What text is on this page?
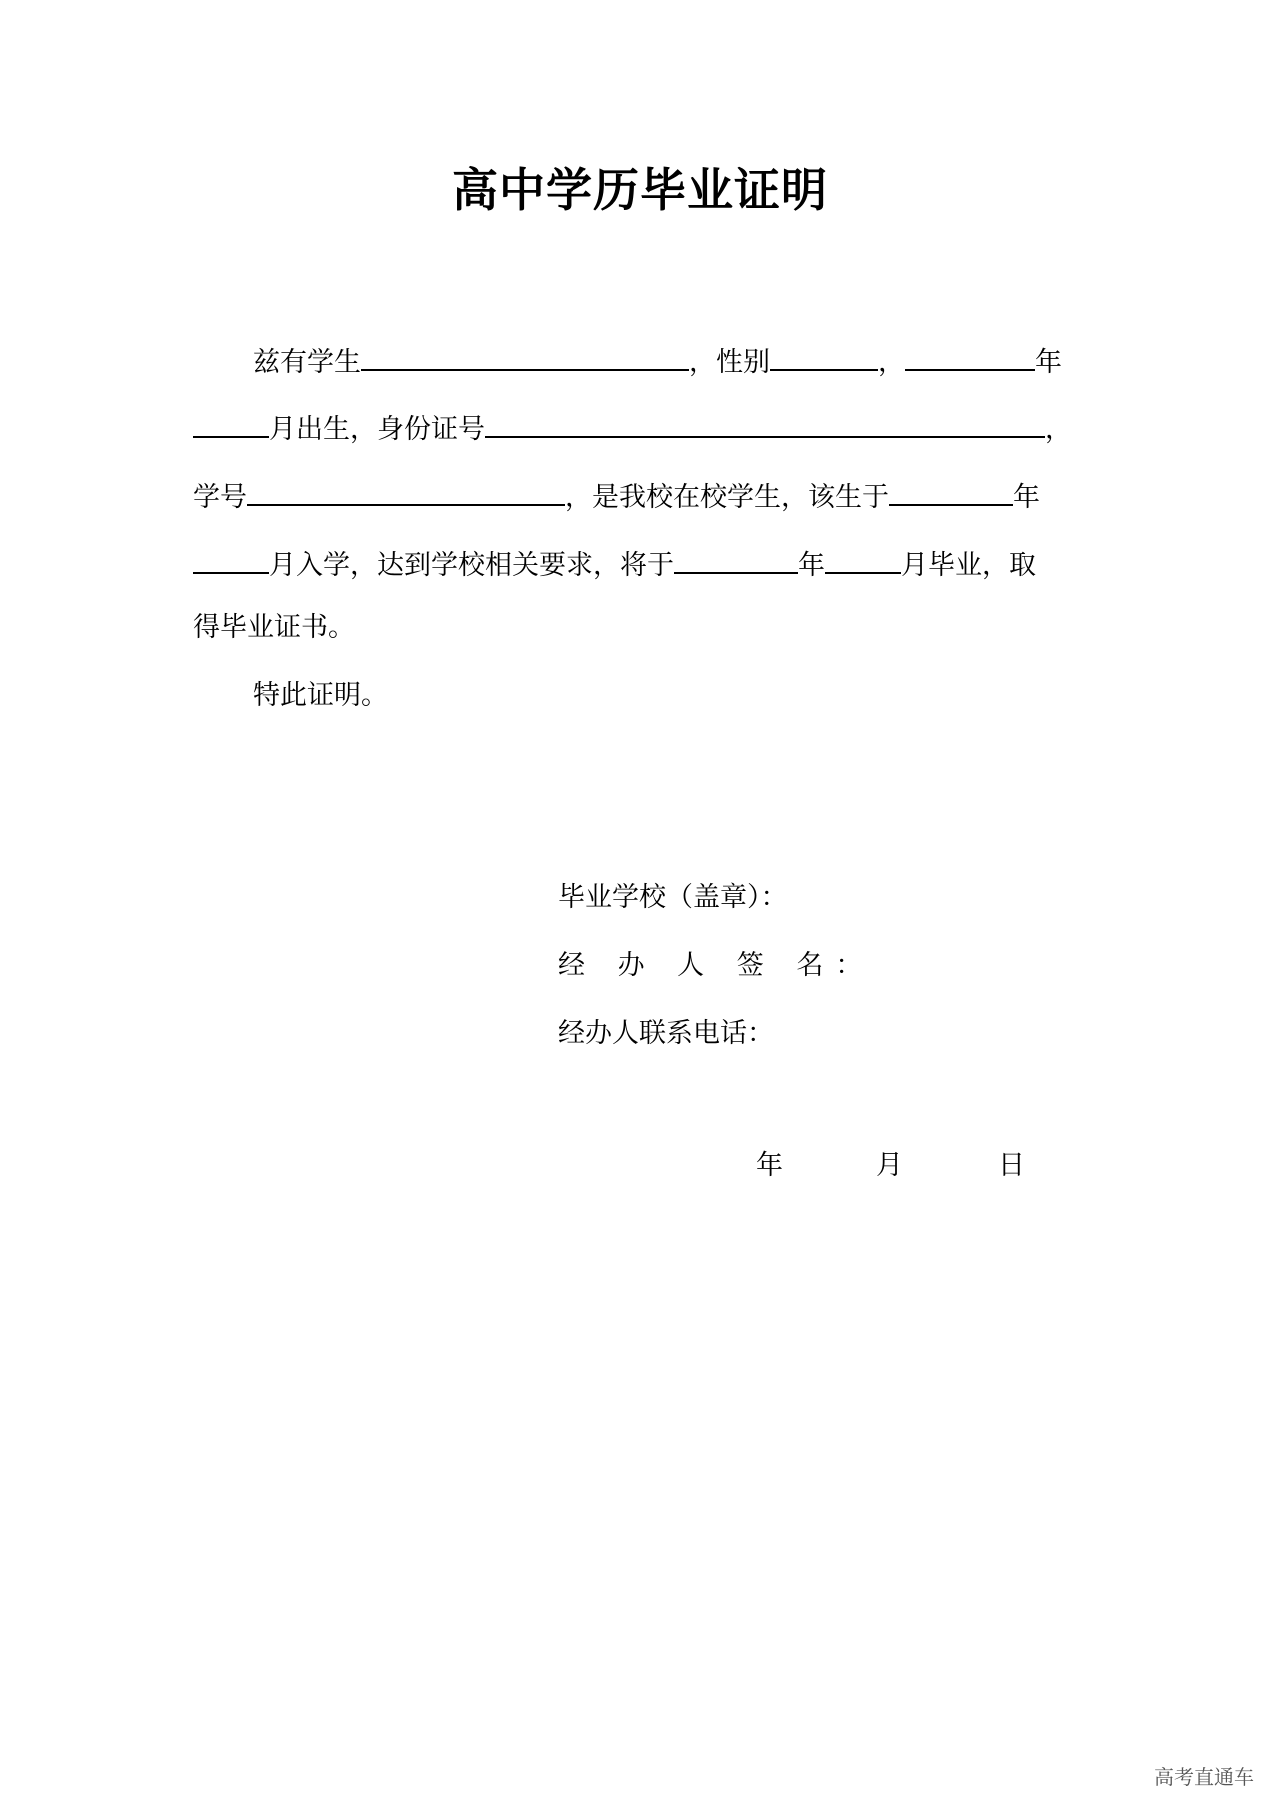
高中学历毕业证明
兹有学生	，性别	，	年
月出生，身份证号	，
学号	，是我校在校学生，该生于	年
月入学，达到学校相关要求，将于	年	月毕业，取
得毕业证书。
特此证明。
毕业学校（盖章）：
经 办 人 签 名：
经办人联系电话：
年	月	日
高考直通车
